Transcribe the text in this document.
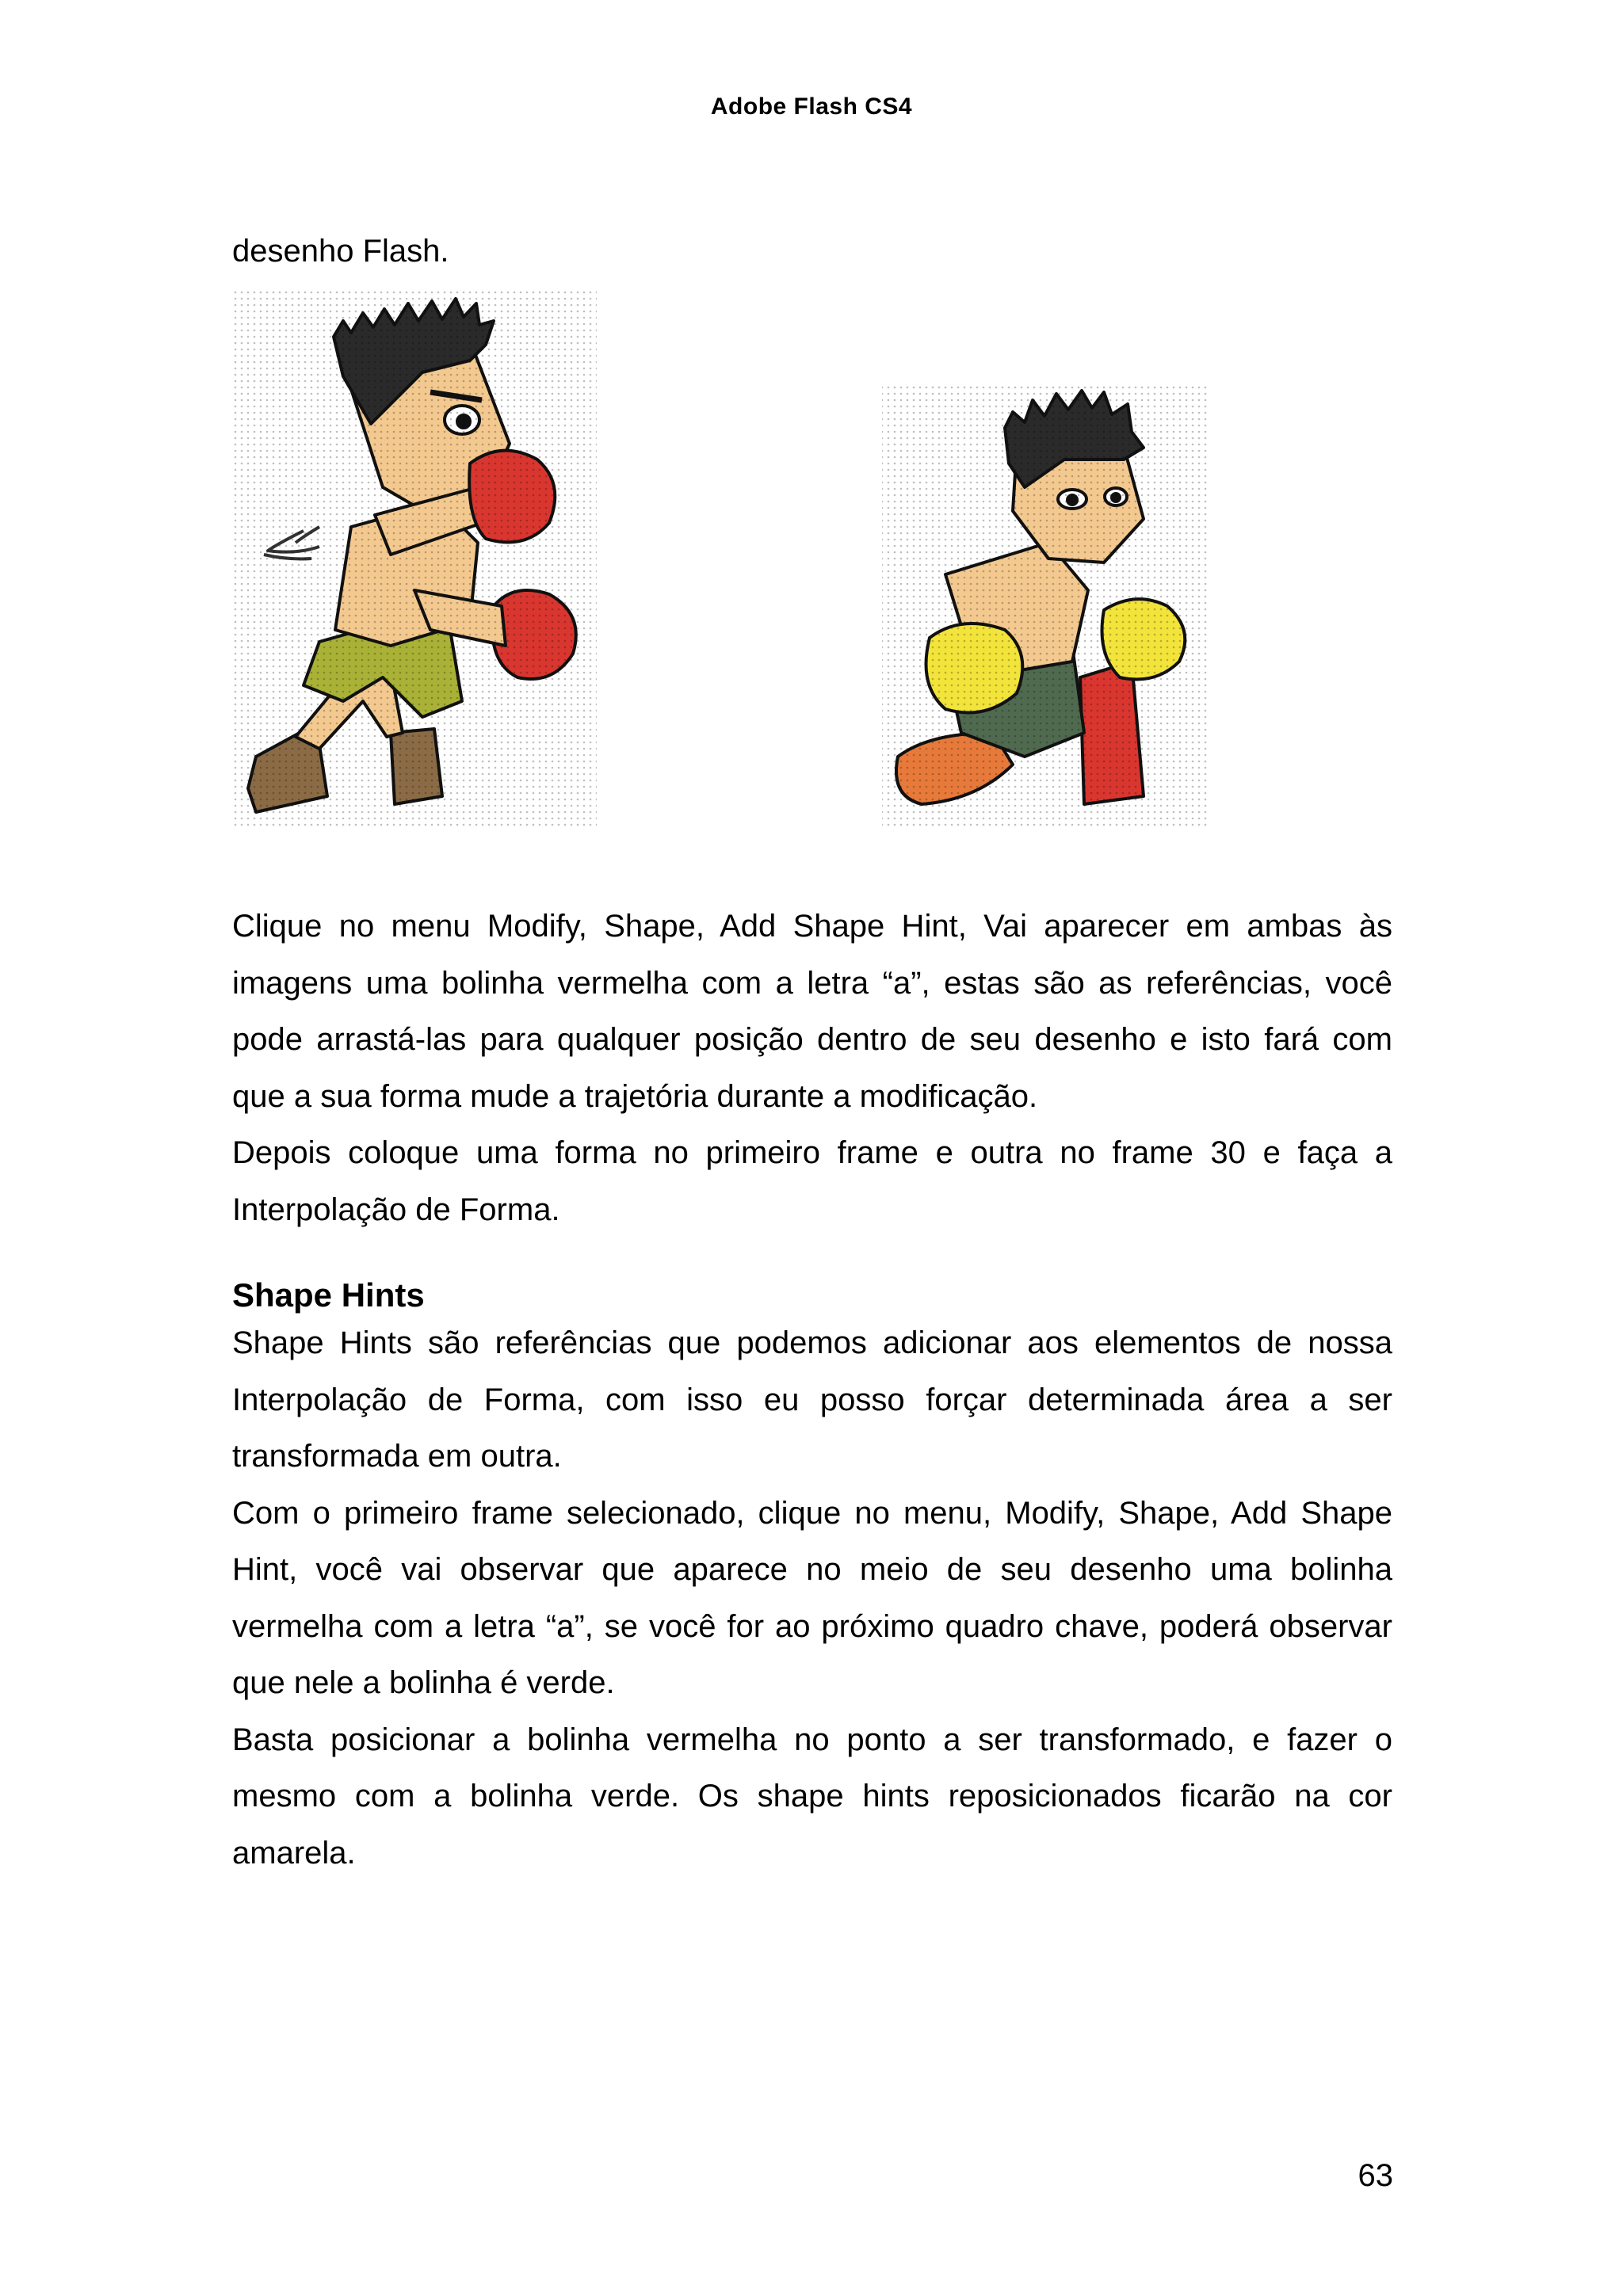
Adobe Flash CS4
desenho Flash.

Clique no menu Modify, Shape, Add Shape Hint, Vai aparecer em ambas às imagens uma bolinha vermelha com a letra “a”, estas são as referências, você pode arrastá-las para qualquer posição dentro de seu desenho e isto fará com que a sua forma mude a trajetória durante a modificação.

Depois coloque uma forma no primeiro frame e outra no frame 30 e faça a Interpolação de Forma.

Shape Hints

Shape Hints são referências que podemos adicionar aos elementos de nossa Interpolação de Forma, com isso eu posso forçar determinada área a ser transformada em outra.

Com o primeiro frame selecionado, clique no menu, Modify, Shape, Add Shape Hint, você vai observar que aparece no meio de seu desenho uma bolinha vermelha com a letra “a”, se você for ao próximo quadro chave, poderá observar que nele a bolinha é verde.

Basta posicionar a bolinha vermelha no ponto a ser transformado, e fazer o mesmo com a bolinha verde. Os shape hints reposicionados ficarão na cor amarela.

63
